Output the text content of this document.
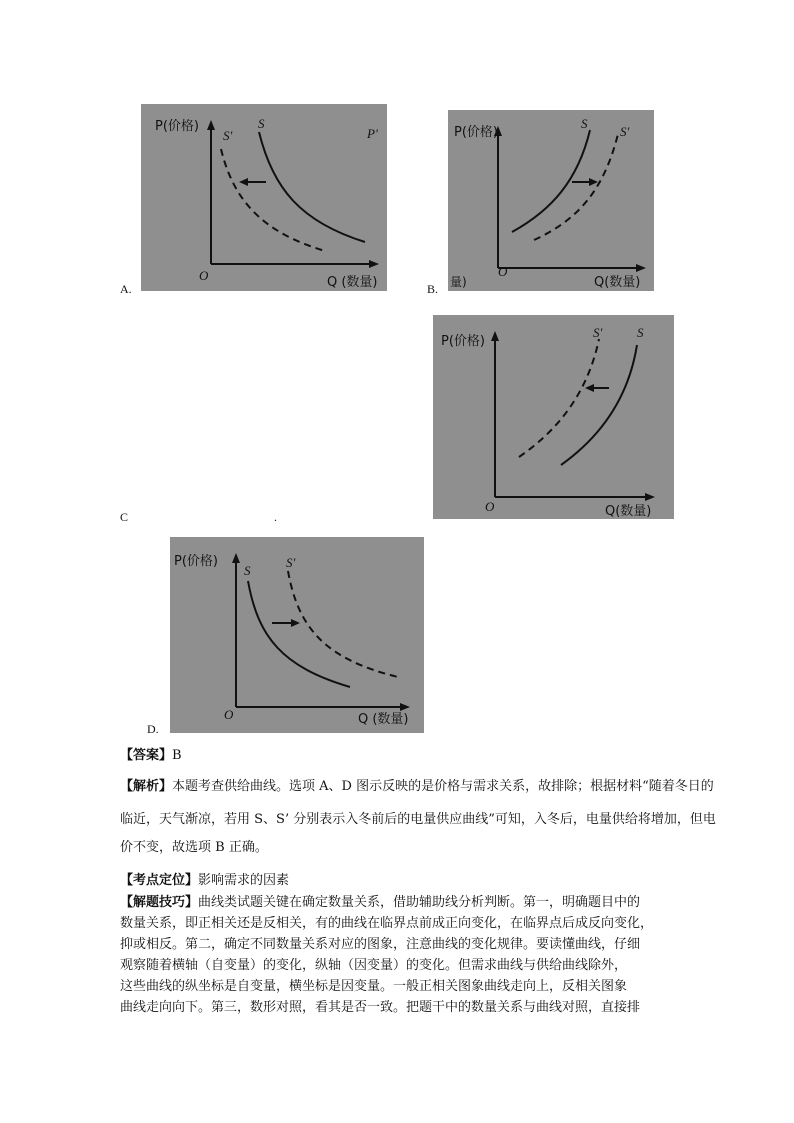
A.
P(价格)
S'
S
P'
O	Q (数量)	B.
P(价格)
S
S'
O
量)	Q(数量)
C	.
P(价格)
S'	S
O	Q(数量)
D.
P(价格)
S
S'
O	Q (数量)
【答案】B
【解析】本题考查供给曲线。选项 A、D 图示反映的是价格与需求关系，故排除；根据材料“随着冬日的
临近，天气渐凉，若用 S、S’ 分别表示入冬前后的电量供应曲线”可知，入冬后，电量供给将增加，但电
价不变，故选项 B 正确。
【考点定位】影响需求的因素
【解题技巧】曲线类试题关键在确定数量关系，借助辅助线分析判断。第一，明确题目中的
数量关系，即正相关还是反相关，有的曲线在临界点前成正向变化，在临界点后成反向变化，
抑或相反。第二，确定不同数量关系对应的图象，注意曲线的变化规律。要读懂曲线，仔细
观察随着横轴（自变量）的变化，纵轴（因变量）的变化。但需求曲线与供给曲线除外，
这些曲线的纵坐标是自变量，横坐标是因变量。一般正相关图象曲线走向上，反相关图象
曲线走向向下。第三，数形对照，看其是否一致。把题干中的数量关系与曲线对照，直接排
